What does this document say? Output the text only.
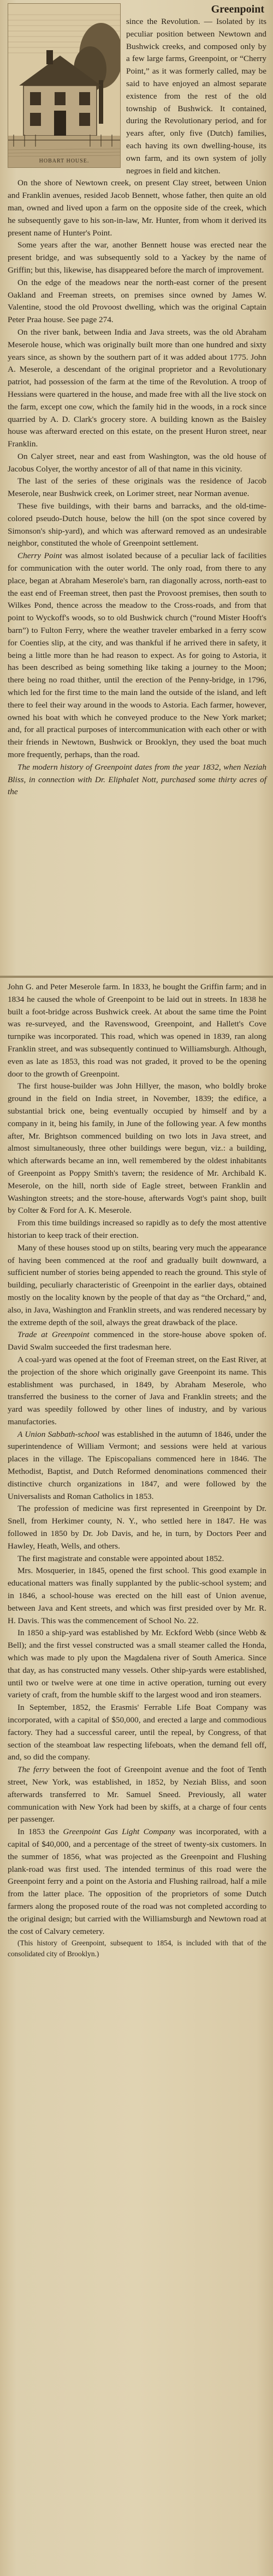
HOBART HOUSE.
Greenpoint

since the Revolution. — Isolated by its peculiar position between Newtown and Bushwick creeks, and composed only by a few large farms, Greenpoint, or “Cherry Point,” as it was formerly called, may be said to have enjoyed an almost separate existence from the rest of the old township of Bushwick. It contained, during the Revolutionary period, and for years after, only five (Dutch) families, each having its own dwelling-house, its own farm, and its own system of jolly negroes in field and kitchen.

On the shore of Newtown creek, on present Clay street, between Union and Franklin avenues, resided Jacob Bennett, whose father, then quite an old man, owned and lived upon a farm on the opposite side of the creek, which he subsequently gave to his son-in-law, Mr. Hunter, from whom it derived its present name of Hunter's Point.

Some years after the war, another Bennett house was erected near the present bridge, and was subsequently sold to a Yackey by the name of Griffin; but this, likewise, has disappeared before the march of improvement.

On the edge of the meadows near the north-east corner of the present Oakland and Freeman streets, on premises since owned by James W. Valentine, stood the old Provoost dwelling, which was the original Captain Peter Praa house. See page 274.

On the river bank, between India and Java streets, was the old Abraham Meserole house, which was originally built more than one hundred and sixty years since, as shown by the southern part of it was added about 1775. John A. Meserole, a descendant of the original proprietor and a Revolutionary patriot, had possession of the farm at the time of the Revolution. A troop of Hessians were quartered in the house, and made free with all the live stock on the farm, except one cow, which the family hid in the woods, in a rock since quarried by A. D. Clark's grocery store. A building known as the Baisley house was afterward erected on this estate, on the present Huron street, near Franklin.

On Calyer street, near and east from Washington, was the old house of Jacobus Colyer, the worthy ancestor of all of that name in this vicinity.

The last of the series of these originals was the residence of Jacob Meserole, near Bushwick creek, on Lorimer street, near Norman avenue.

These five buildings, with their barns and barracks, and the old-time-colored pseudo-Dutch house, below the hill (on the spot since covered by Simonson's ship-yard), and which was afterward removed as an undesirable neighbor, constituted the whole of Greenpoint settlement.

Cherry Point was almost isolated because of a peculiar lack of facilities for communication with the outer world. The only road, from there to any place, began at Abraham Meserole's barn, ran diagonally across, north-east to the east end of Freeman street, then past the Provoost premises, then south to Wilkes Pond, thence across the meadow to the Cross-roads, and from that point to Wyckoff's woods, so to old Bushwick church (“round Mister Hooft's barn”) to Fulton Ferry, where the weather traveler embarked in a ferry scow for Coenties slip, at the city, and was thankful if he arrived there in safety, it being a little more than he had reason to expect. As for going to Astoria, it has been described as being something like taking a journey to the Moon; there being no road thither, until the erection of the Penny-bridge, in 1796, which led for the first time to the main land the outside of the island, and left there to feel their way around in the woods to Astoria. Each farmer, however, owned his boat with which he conveyed produce to the New York market; and, for all practical purposes of intercommunication with each other or with their friends in Newtown, Bushwick or Brooklyn, they used the boat much more frequently, perhaps, than the road.

The modern history of Greenpoint dates from the year 1832, when Neziah Bliss, in connection with Dr. Eliphalet Nott, purchased some thirty acres of the

John G. and Peter Meserole farm. In 1833, he bought the Griffin farm; and in 1834 he caused the whole of Greenpoint to be laid out in streets. In 1838 he built a foot-bridge across Bushwick creek. At about the same time the Point was re-surveyed, and the Ravenswood, Greenpoint, and Hallett's Cove turnpike was incorporated. This road, which was opened in 1839, ran along Franklin street, and was subsequently continued to Williamsburgh. Although, even as late as 1853, this road was not graded, it proved to be the opening door to the growth of Greenpoint.

The first house-builder was John Hillyer, the mason, who boldly broke ground in the field on India street, in November, 1839; the edifice, a substantial brick one, being eventually occupied by himself and by a company in it, being his family, in June of the following year. A few months after, Mr. Brightson commenced building on two lots in Java street, and almost simultaneously, three other buildings were begun, viz.: a building, which afterwards became an inn, well remembered by the oldest inhabitants of Greenpoint as Poppy Smith's tavern; the residence of Mr. Archibald K. Meserole, on the hill, north side of Eagle street, between Franklin and Washington streets; and the store-house, afterwards Vogt's paint shop, built by Colter & Ford for A. K. Meserole.

From this time buildings increased so rapidly as to defy the most attentive historian to keep track of their erection.

Many of these houses stood up on stilts, bearing very much the appearance of having been commenced at the roof and gradually built downward, a sufficient number of stories being appended to reach the ground. This style of building, peculiarly characteristic of Greenpoint in the earlier days, obtained mostly on the locality known by the people of that day as “the Orchard,” and, also, in Java, Washington and Franklin streets, and was rendered necessary by the extreme depth of the soil, always the great drawback of the place.

Trade at Greenpoint commenced in the store-house above spoken of. David Swalm succeeded the first tradesman here.

A coal-yard was opened at the foot of Freeman street, on the East River, at the projection of the shore which originally gave Greenpoint its name. This establishment was purchased, in 1849, by Abraham Meserole, who transferred the business to the corner of Java and Franklin streets; and the yard was speedily followed by other lines of industry, and by various manufactories.

A Union Sabbath-school was established in the autumn of 1846, under the superintendence of William Vermont; and sessions were held at various places in the village. The Episcopalians commenced here in 1846. The Methodist, Baptist, and Dutch Reformed denominations commenced their distinctive church organizations in 1847, and were followed by the Universalists and Roman Catholics in 1853.

The profession of medicine was first represented in Greenpoint by Dr. Snell, from Herkimer county, N. Y., who settled here in 1847. He was followed in 1850 by Dr. Job Davis, and he, in turn, by Doctors Peer and Hawley, Heath, Wells, and others.

The first magistrate and constable were appointed about 1852.

Mrs. Mosquerier, in 1845, opened the first school. This good example in educational matters was finally supplanted by the public-school system; and in 1846, a school-house was erected on the hill east of Union avenue, between Java and Kent streets, and which was first presided over by Mr. R. H. Davis. This was the commencement of School No. 22.

In 1850 a ship-yard was established by Mr. Eckford Webb (since Webb & Bell); and the first vessel constructed was a small steamer called the Honda, which was made to ply upon the Magdalena river of South America. Since that day, as has constructed many vessels. Other ship-yards were established, until two or twelve were at one time in active operation, turning out every variety of craft, from the humble skiff to the largest wood and iron steamers.

In September, 1852, the Erasmis' Ferrable Life Boat Company was incorporated, with a capital of $50,000, and erected a large and commodious factory. They had a successful career, until the repeal, by Congress, of that section of the steamboat law respecting lifeboats, when the demand fell off, and, so did the company.

The ferry between the foot of Greenpoint avenue and the foot of Tenth street, New York, was established, in 1852, by Neziah Bliss, and soon afterwards transferred to Mr. Samuel Sneed. Previously, all water communication with New York had been by skiffs, at a charge of four cents per passenger.

In 1853 the Greenpoint Gas Light Company was incorporated, with a capital of $40,000, and a percentage of the street of twenty-six customers. In the summer of 1856, what was projected as the Greenpoint and Flushing plank-road was first used. The intended terminus of this road were the Greenpoint ferry and a point on the Astoria and Flushing railroad, half a mile from the latter place. The opposition of the proprietors of some Dutch farmers along the proposed route of the road was not completed according to the original design; but carried with the Williamsburgh and Newtown road at the cost of Calvary cemetery.

(This history of Greenpoint, subsequent to 1854, is included with that of the consolidated city of Brooklyn.)
